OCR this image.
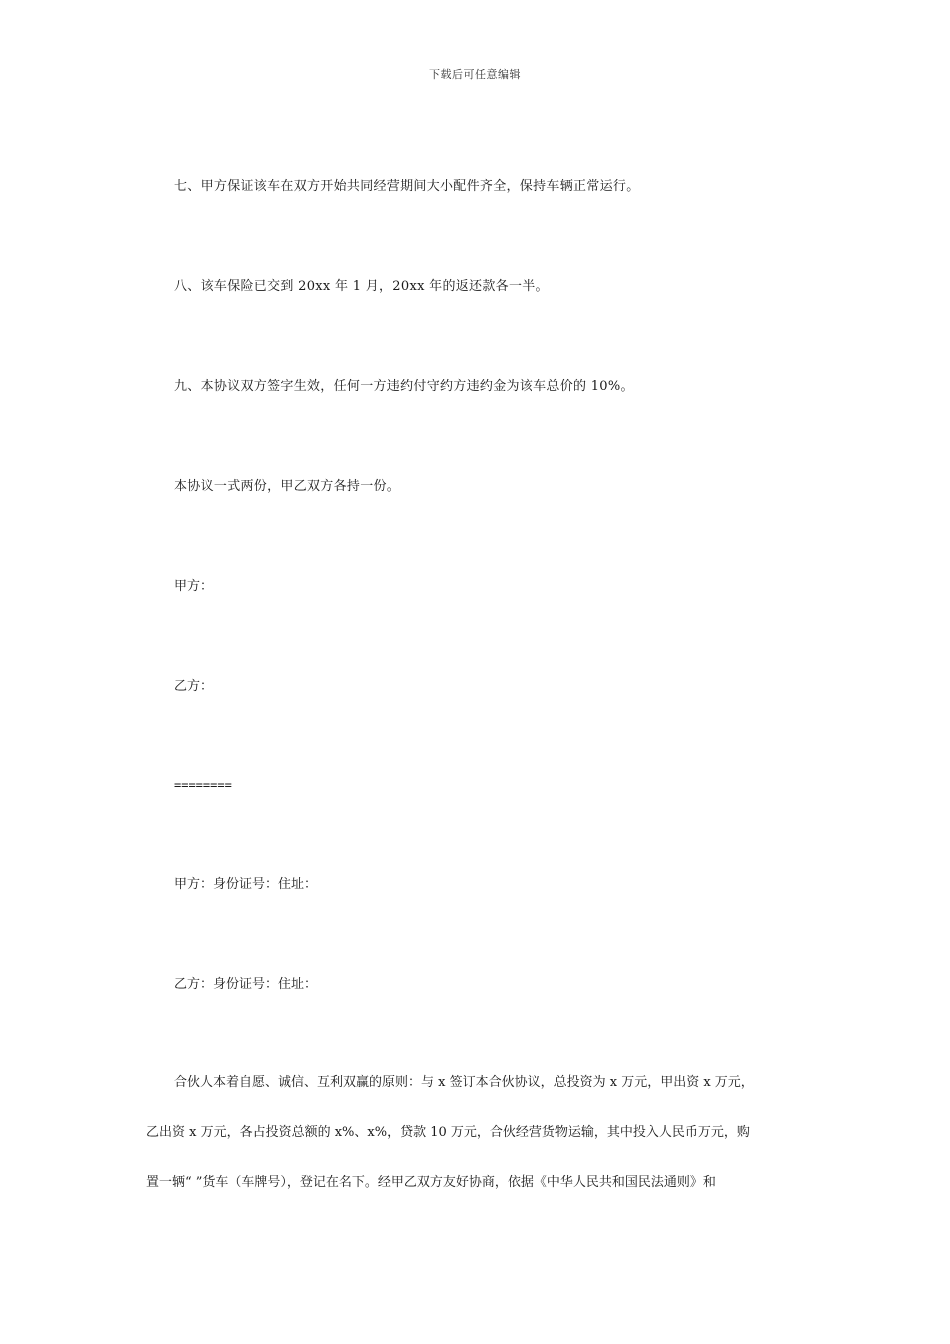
下载后可任意编辑
七、甲方保证该车在双方开始共同经营期间大小配件齐全，保持车辆正常运行。
八、该车保险已交到 20xx 年 1 月，20xx 年的返还款各一半。
九、本协议双方签字生效，任何一方违约付守约方违约金为该车总价的 10%。
本协议一式两份，甲乙双方各持一份。
甲方：
乙方：
========
甲方：身份证号：住址：
乙方：身份证号：住址：
合伙人本着自愿、诚信、互利双赢的原则：与 x 签订本合伙协议，总投资为 x 万元，甲出资 x 万元，
乙出资 x 万元，各占投资总额的 x%、x%，贷款 10 万元，合伙经营货物运输，其中投入人民币万元，购
置一辆“ ”货车（车牌号），登记在名下。经甲乙双方友好协商，依据《中华人民共和国民法通则》和
